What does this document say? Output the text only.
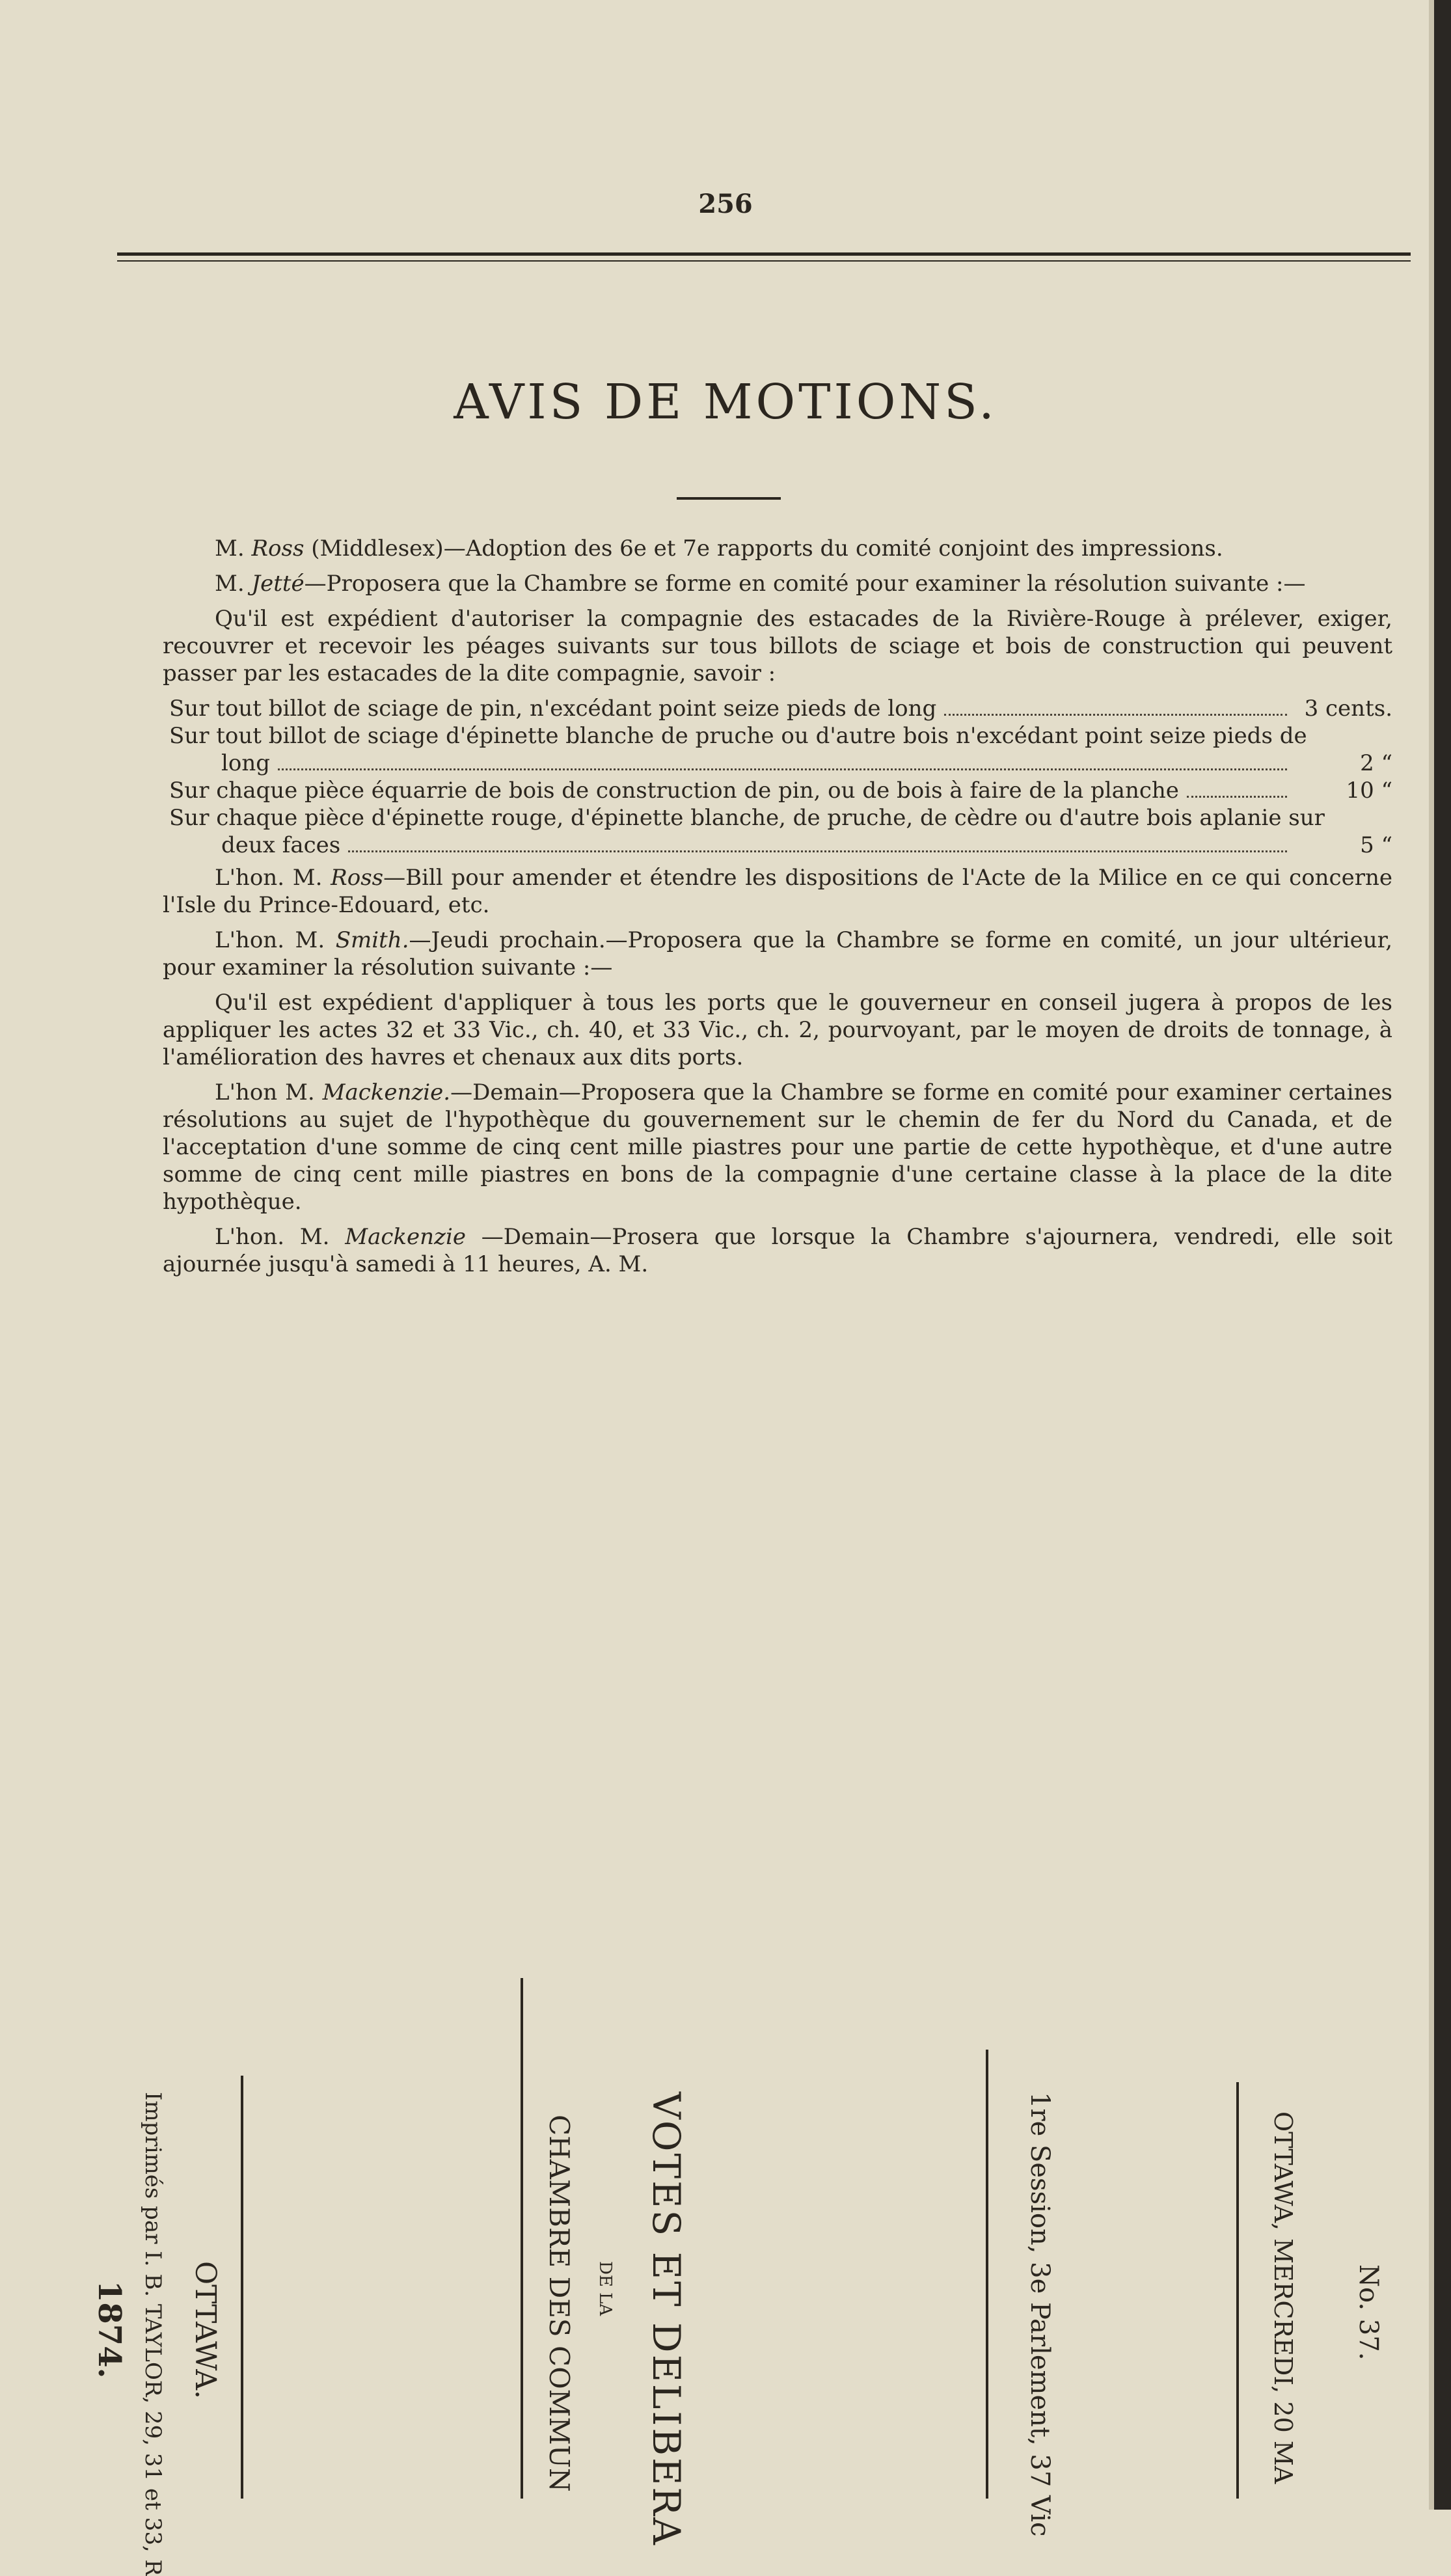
256
AVIS DE MOTIONS.

M. Ross (Middlesex)—Adoption des 6e et 7e rapports du comité conjoint des impressions.

M. Jetté—Proposera que la Chambre se forme en comité pour examiner la résolution suivante :—

Qu'il est expédient d'autoriser la compagnie des estacades de la Rivière-Rouge à prélever, exiger, recouvrer et recevoir les péages suivants sur tous billots de sciage et bois de construction qui peuvent passer par les estacades de la dite compagnie, savoir :

Sur tout billot de sciage de pin, n'excédant point seize pieds de long	3 cents.
Sur tout billot de sciage d'épinette blanche de pruche ou d'autre bois n'excédant point seize pieds de
long	2 “
Sur chaque pièce équarrie de bois de construction de pin, ou de bois à faire de la planche	10 “
Sur chaque pièce d'épinette rouge, d'épinette blanche, de pruche, de cèdre ou d'autre bois aplanie sur
deux faces	5 “

L'hon. M. Ross—Bill pour amender et étendre les dispositions de l'Acte de la Milice en ce qui concerne l'Isle du Prince-Edouard, etc.

L'hon. M. Smith.—Jeudi prochain.—Proposera que la Chambre se forme en comité, un jour ultérieur, pour examiner la résolution suivante :—

Qu'il est expédient d'appliquer à tous les ports que le gouverneur en conseil jugera à propos de les appliquer les actes 32 et 33 Vic., ch. 40, et 33 Vic., ch. 2, pourvoyant, par le moyen de droits de tonnage, à l'amélioration des havres et chenaux aux dits ports.

L'hon M. Mackenzie.—Demain—Proposera que la Chambre se forme en comité pour examiner certaines résolutions au sujet de l'hypothèque du gouvernement sur le chemin de fer du Nord du Canada, et de l'acceptation d'une somme de cinq cent mille piastres pour une partie de cette hypothèque, et d'une autre somme de cinq cent mille piastres en bons de la compagnie d'une certaine classe à la place de la dite hypothèque.

L'hon. M. Mackenzie —Demain—Prosera que lorsque la Chambre s'ajournera, vendredi, elle soit ajournée jusqu'à samedi à 11 heures, A. M.

No. 37.
OTTAWA, MERCREDI, 20 MA
1re Session, 3e Parlement, 37 Vic
VOTES ET DELIBERA
DE LA
CHAMBRE DES COMMUN
OTTAWA.
Imprimés par I. B. TAYLOR, 29, 31 et 33, R
1874.
